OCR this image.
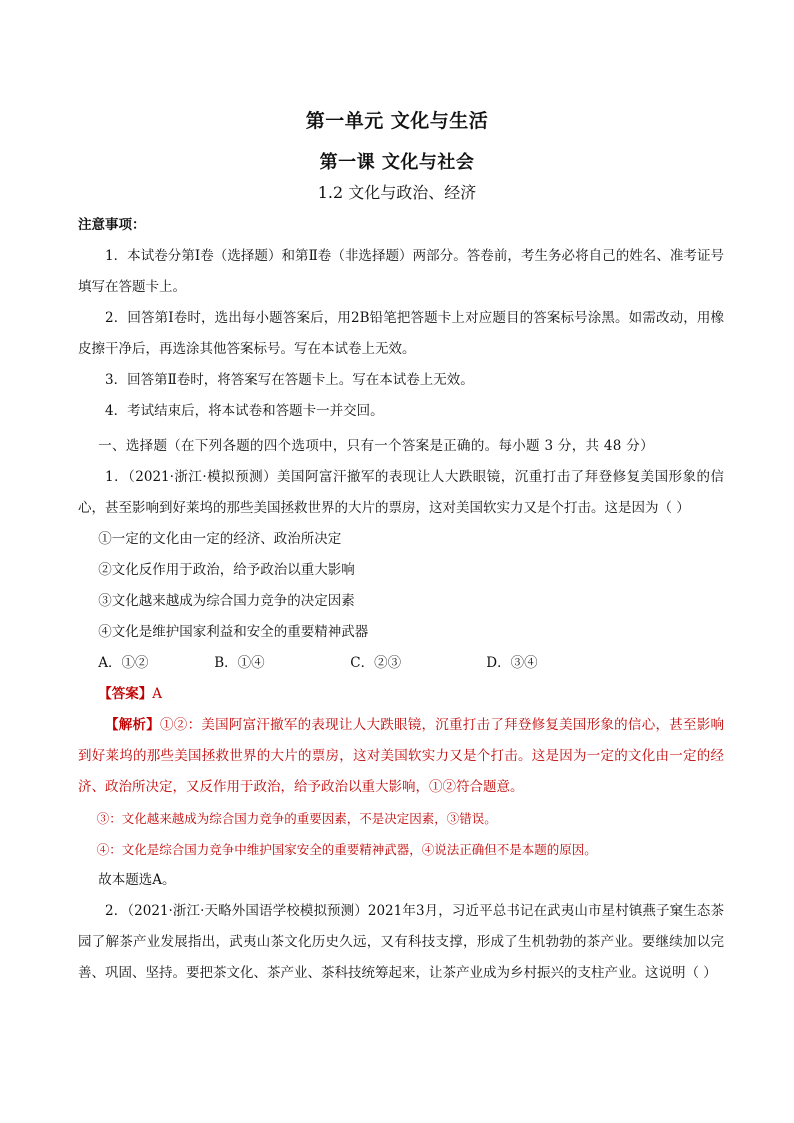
第一单元 文化与生活
第一课 文化与社会
1.2 文化与政治、经济

注意事项：

1．本试卷分第Ⅰ卷（选择题）和第Ⅱ卷（非选择题）两部分。答卷前，考生务必将自己的姓名、准考证号填写在答题卡上。

2．回答第Ⅰ卷时，选出每小题答案后，用2B铅笔把答题卡上对应题目的答案标号涂黑。如需改动，用橡皮擦干净后，再选涂其他答案标号。写在本试卷上无效。

3．回答第Ⅱ卷时，将答案写在答题卡上。写在本试卷上无效。

4．考试结束后，将本试卷和答题卡一并交回。

一、选择题（在下列各题的四个选项中，只有一个答案是正确的。每小题 3 分，共 48 分）

1．（2021·浙江·模拟预测）美国阿富汗撤军的表现让人大跌眼镜，沉重打击了拜登修复美国形象的信心，甚至影响到好莱坞的那些美国拯救世界的大片的票房，这对美国软实力又是个打击。这是因为（ ）

①一定的文化由一定的经济、政治所决定

②文化反作用于政治，给予政治以重大影响

③文化越来越成为综合国力竞争的决定因素

④文化是维护国家利益和安全的重要精神武器

A．①②	B．①④	C．②③	D．③④

【答案】A

【解析】①②：美国阿富汗撤军的表现让人大跌眼镜，沉重打击了拜登修复美国形象的信心，甚至影响到好莱坞的那些美国拯救世界的大片的票房，这对美国软实力又是个打击。这是因为一定的文化由一定的经济、政治所决定，又反作用于政治，给予政治以重大影响，①②符合题意。

③：文化越来越成为综合国力竞争的重要因素，不是决定因素，③错误。

④：文化是综合国力竞争中维护国家安全的重要精神武器，④说法正确但不是本题的原因。

故本题选A。

2．（2021·浙江·天略外国语学校模拟预测）2021年3月，习近平总书记在武夷山市星村镇燕子窠生态茶园了解茶产业发展指出，武夷山茶文化历史久远，又有科技支撑，形成了生机勃勃的茶产业。要继续加以完善、巩固、坚持。要把茶文化、茶产业、茶科技统筹起来，让茶产业成为乡村振兴的支柱产业。这说明（ ）
